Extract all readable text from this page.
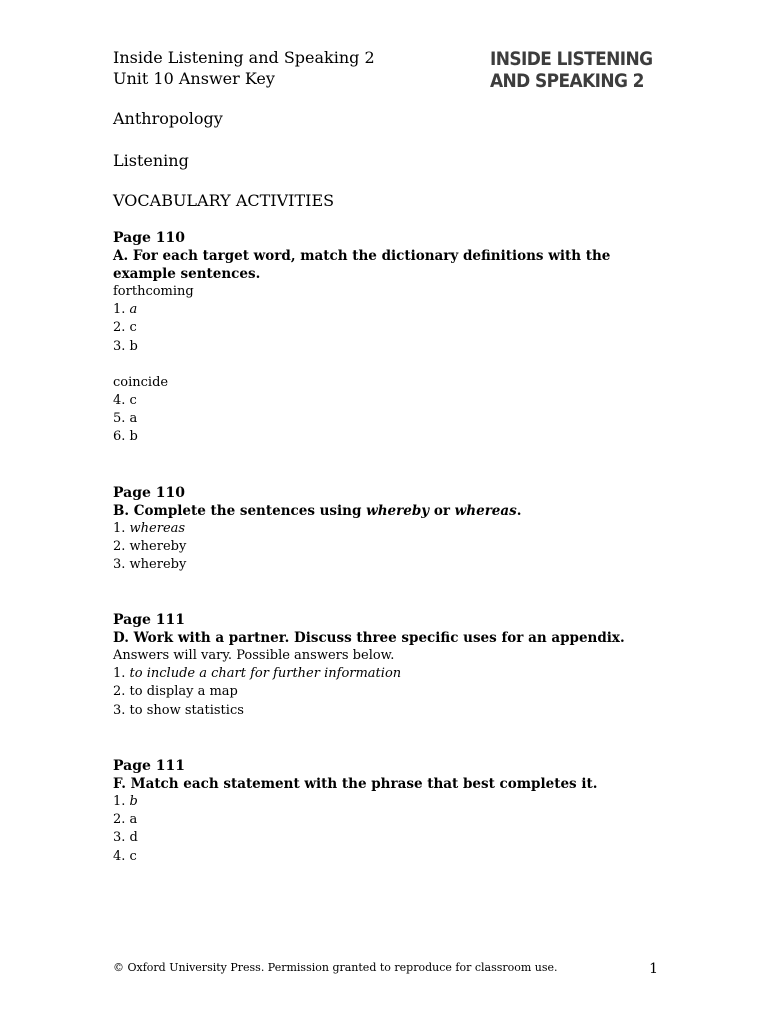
Inside Listening and Speaking 2
Unit 10 Answer Key
INSIDE LISTENING
AND SPEAKING 2
Anthropology
Listening
VOCABULARY ACTIVITIES
Page 110
A. For each target word, match the dictionary definitions with the example sentences.
forthcoming
1. a
2. c
3. b
coincide
4. c
5. a
6. b
Page 110
B. Complete the sentences using whereby or whereas.
1. whereas
2. whereby
3. whereby
Page 111
D. Work with a partner. Discuss three specific uses for an appendix.
Answers will vary. Possible answers below.
1. to include a chart for further information
2. to display a map
3. to show statistics
Page 111
F. Match each statement with the phrase that best completes it.
1. b
2. a
3. d
4. c
© Oxford University Press. Permission granted to reproduce for classroom use.	1
